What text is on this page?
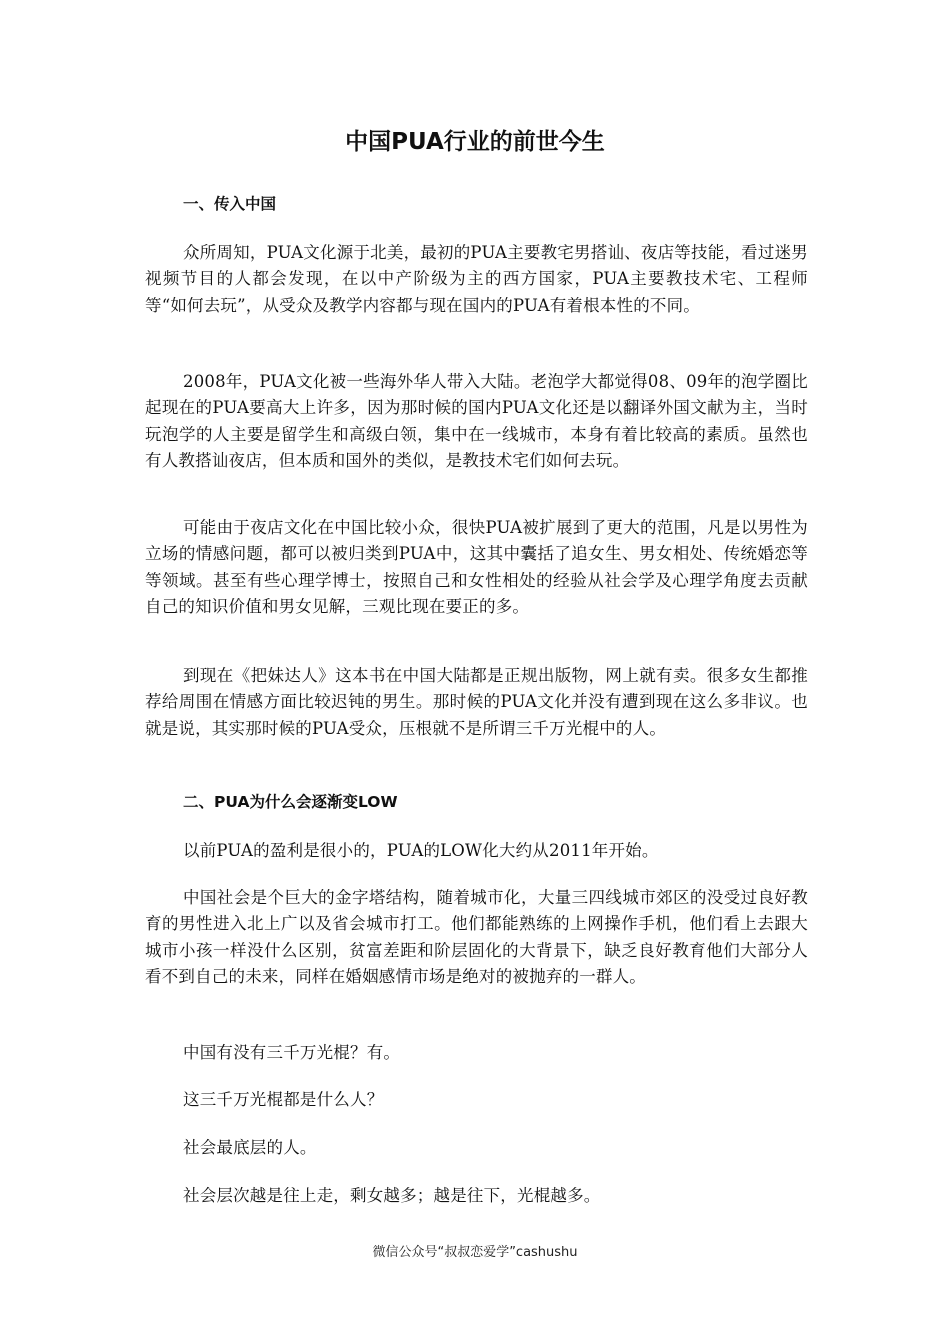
中国PUA行业的前世今生
一、传入中国

众所周知，PUA文化源于北美，最初的PUA主要教宅男搭讪、夜店等技能，看过迷男视频节目的人都会发现，在以中产阶级为主的西方国家，PUA主要教技术宅、工程师等“如何去玩”，从受众及教学内容都与现在国内的PUA有着根本性的不同。

2008年，PUA文化被一些海外华人带入大陆。老泡学大都觉得08、09年的泡学圈比起现在的PUA要高大上许多，因为那时候的国内PUA文化还是以翻译外国文献为主，当时玩泡学的人主要是留学生和高级白领，集中在一线城市，本身有着比较高的素质。虽然也有人教搭讪夜店，但本质和国外的类似，是教技术宅们如何去玩。

可能由于夜店文化在中国比较小众，很快PUA被扩展到了更大的范围，凡是以男性为立场的情感问题，都可以被归类到PUA中，这其中囊括了追女生、男女相处、传统婚恋等等领域。甚至有些心理学博士，按照自己和女性相处的经验从社会学及心理学角度去贡献自己的知识价值和男女见解，三观比现在要正的多。

到现在《把妹达人》这本书在中国大陆都是正规出版物，网上就有卖。很多女生都推荐给周围在情感方面比较迟钝的男生。那时候的PUA文化并没有遭到现在这么多非议。也就是说，其实那时候的PUA受众，压根就不是所谓三千万光棍中的人。

二、PUA为什么会逐渐变LOW

以前PUA的盈利是很小的，PUA的LOW化大约从2011年开始。

中国社会是个巨大的金字塔结构，随着城市化，大量三四线城市郊区的没受过良好教育的男性进入北上广以及省会城市打工。他们都能熟练的上网操作手机，他们看上去跟大城市小孩一样没什么区别，贫富差距和阶层固化的大背景下，缺乏良好教育他们大部分人看不到自己的未来，同样在婚姻感情市场是绝对的被抛弃的一群人。

中国有没有三千万光棍？有。

这三千万光棍都是什么人？

社会最底层的人。

社会层次越是往上走，剩女越多；越是往下，光棍越多。

微信公众号“叔叔恋爱学”cashushu
